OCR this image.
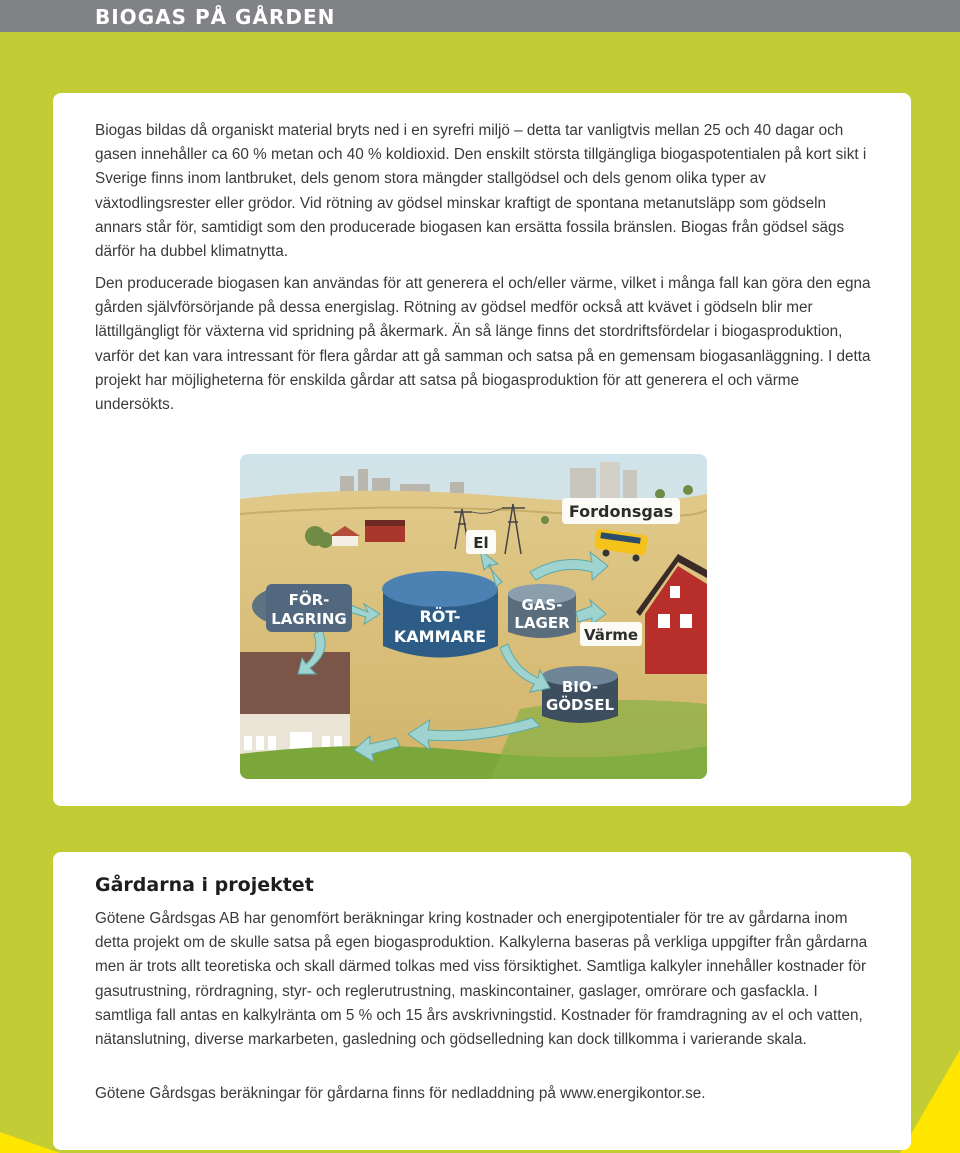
BIOGAS PÅ GÅRDEN

Biogas bildas då organiskt material bryts ned i en syrefri miljö – detta tar vanligtvis mellan 25 och 40 dagar och gasen innehåller ca 60 % metan och 40 % koldioxid. Den enskilt största tillgängliga biogaspotentialen på kort sikt i Sverige finns inom lantbruket, dels genom stora mängder stallgödsel och dels genom olika typer av växtodlingsrester eller grödor. Vid rötning av gödsel minskar kraftigt de spontana metanutsläpp som gödseln annars står för, samtidigt som den producerade biogasen kan ersätta fossila bränslen. Biogas från gödsel sägs därför ha dubbel klimatnytta.

Den producerade biogasen kan användas för att generera el och/eller värme, vilket i många fall kan göra den egna gården självförsörjande på dessa energislag. Rötning av gödsel medför också att kvävet i gödseln blir mer lättillgängligt för växterna vid spridning på åkermark. Än så länge finns det stordriftsfördelar i biogasproduktion, varför det kan vara intressant för flera gårdar att gå samman och satsa på en gemensam biogasanläggning. I detta projekt har möjligheterna för enskilda gårdar att satsa på biogasproduktion för att generera el och värme undersökts.

Fordonsgas
El
FÖR-
LAGRING	RÖT-
KAMMARE
GAS-
LAGER
Värme
BIO-
GÖDSEL
Gårdarna i projektet

Götene Gårdsgas AB har genomfört beräkningar kring kostnader och energipotentialer för tre av gårdarna inom detta projekt om de skulle satsa på egen biogasproduktion. Kalkylerna baseras på verkliga uppgifter från gårdarna men är trots allt teoretiska och skall därmed tolkas med viss försiktighet. Samtliga kalkyler innehåller kostnader för gasutrustning, rördragning, styr- och reglerutrustning, maskincontainer, gaslager, omrörare och gasfackla. I samtliga fall antas en kalkylränta om 5 % och 15 års avskrivningstid. Kostnader för framdragning av el och vatten, nätanslutning, diverse markarbeten, gasledning och gödselledning kan dock tillkomma i varierande skala.

Götene Gårdsgas beräkningar för gårdarna finns för nedladdning på www.energikontor.se.
